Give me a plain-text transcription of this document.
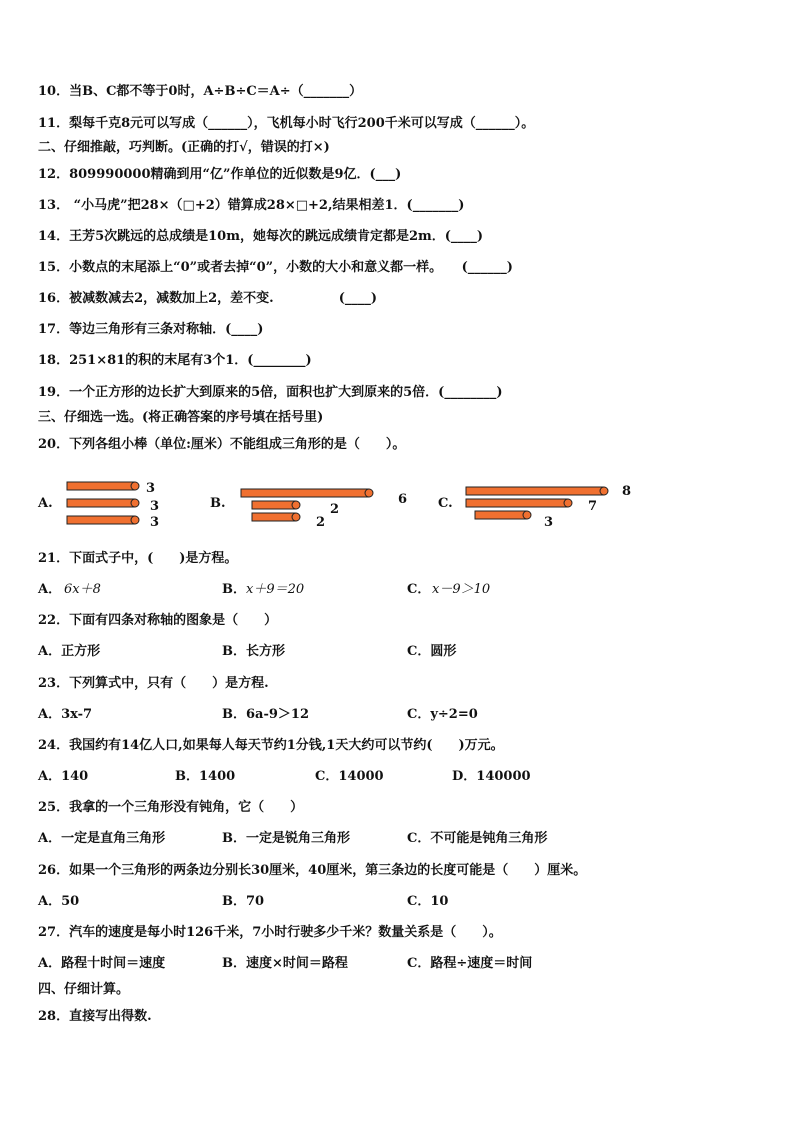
10．当B、C都不等于0时，A÷B÷C＝A÷（_______）
11．梨每千克8元可以写成（______），飞机每小时飞行200千米可以写成（______）。
二、仔细推敲，巧判断。(正确的打√，错误的打×)
12．809990000精确到用“亿”作单位的近似数是9亿．(___)
13． “小马虎”把28×（□+2）错算成28×□+2,结果相差1．(_______)
14．王芳5次跳远的总成绩是10m，她每次的跳远成绩肯定都是2m．(____)
15．小数点的末尾添上“0”或者去掉“0”，小数的大小和意义都一样。　　(______)
16．被减数减去2，减数加上2，差不变.　　　　　(____)
17．等边三角形有三条对称轴．(____)
18．251×81的积的末尾有3个1．(________)
19．一个正方形的边长扩大到原来的5倍，面积也扩大到原来的5倍．(________)
三、仔细选一选。(将正确答案的序号填在括号里)
20．下列各组小棒（单位:厘米）不能组成三角形的是（　　）。
A.
3
3
3
B.	6
2
2
C.
8
7
3
21．下面式子中，(　　)是方程。
A． 6x＋8	B． x＋9＝20	C． x－9＞10
22．下面有四条对称轴的图象是（　　）
A．正方形	B．长方形	C．圆形
23．下列算式中，只有（　　）是方程.
A．3x-7	B．6a-9＞12	C．y÷2=0
24．我国约有14亿人口,如果每人每天节约1分钱,1天大约可以节约(　　)万元。
A．140	B．1400	C．14000	D．140000
25．我拿的一个三角形没有钝角，它（　　）
A．一定是直角三角形	B．一定是锐角三角形	C．不可能是钝角三角形
26．如果一个三角形的两条边分别长30厘米，40厘米，第三条边的长度可能是（　　）厘米。
A．50	B．70	C．10
27．汽车的速度是每小时126千米，7小时行驶多少千米？数量关系是（　　）。
A．路程十时间＝速度	B．速度×时间＝路程	C．路程÷速度＝时间
四、仔细计算。
28．直接写出得数.
